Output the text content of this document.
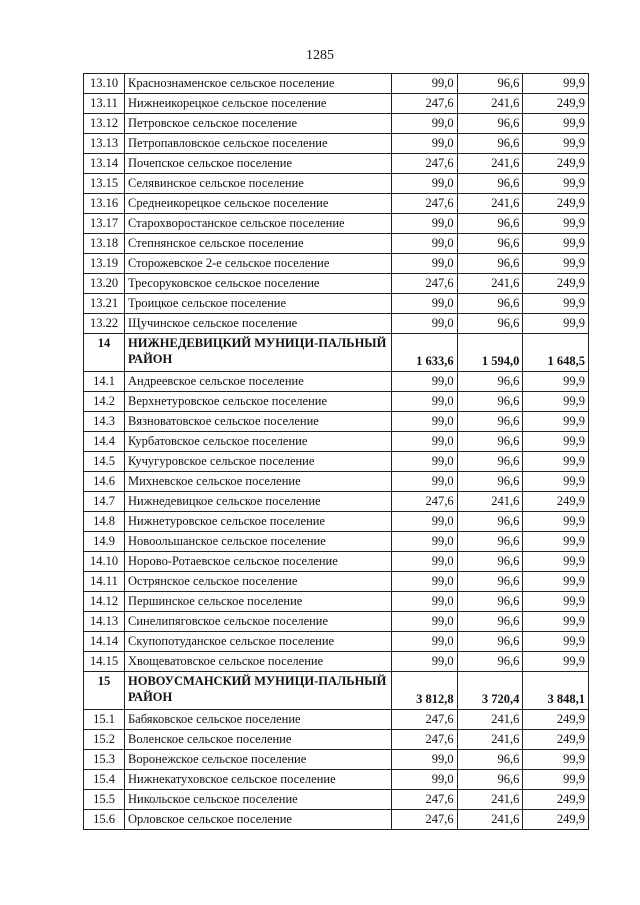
1285
13.10	Краснознаменское сельское поселение	99,0	96,6	99,9
13.11	Нижнеикорецкое сельское поселение	247,6	241,6	249,9
13.12	Петровское сельское поселение	99,0	96,6	99,9
13.13	Петропавловское сельское поселение	99,0	96,6	99,9
13.14	Почепское сельское поселение	247,6	241,6	249,9
13.15	Селявинское сельское поселение	99,0	96,6	99,9
13.16	Среднеикорецкое сельское поселение	247,6	241,6	249,9
13.17	Старохворостанское сельское поселение	99,0	96,6	99,9
13.18	Степнянское сельское поселение	99,0	96,6	99,9
13.19	Сторожевское 2-е сельское поселение	99,0	96,6	99,9
13.20	Тресоруковское сельское поселение	247,6	241,6	249,9
13.21	Троицкое сельское поселение	99,0	96,6	99,9
13.22	Щучинское сельское поселение	99,0	96,6	99,9
14	НИЖНЕДЕВИЦКИЙ МУНИЦИ-ПАЛЬНЫЙ РАЙОН	1 633,6	1 594,0	1 648,5
14.1	Андреевское сельское поселение	99,0	96,6	99,9
14.2	Верхнетуровское сельское поселение	99,0	96,6	99,9
14.3	Вязноватовское сельское поселение	99,0	96,6	99,9
14.4	Курбатовское сельское поселение	99,0	96,6	99,9
14.5	Кучугуровское сельское поселение	99,0	96,6	99,9
14.6	Михневское сельское поселение	99,0	96,6	99,9
14.7	Нижнедевицкое сельское поселение	247,6	241,6	249,9
14.8	Нижнетуровское сельское поселение	99,0	96,6	99,9
14.9	Новоольшанское сельское поселение	99,0	96,6	99,9
14.10	Норово-Ротаевское сельское поселение	99,0	96,6	99,9
14.11	Острянское сельское поселение	99,0	96,6	99,9
14.12	Першинское сельское поселение	99,0	96,6	99,9
14.13	Синелипяговское сельское поселение	99,0	96,6	99,9
14.14	Скупопотуданское сельское поселение	99,0	96,6	99,9
14.15	Хвощеватовское сельское поселение	99,0	96,6	99,9
15	НОВОУСМАНСКИЙ МУНИЦИ-ПАЛЬНЫЙ РАЙОН	3 812,8	3 720,4	3 848,1
15.1	Бабяковское сельское поселение	247,6	241,6	249,9
15.2	Воленское сельское поселение	247,6	241,6	249,9
15.3	Воронежское сельское поселение	99,0	96,6	99,9
15.4	Нижнекатуховское сельское поселение	99,0	96,6	99,9
15.5	Никольское сельское поселение	247,6	241,6	249,9
15.6	Орловское сельское поселение	247,6	241,6	249,9
